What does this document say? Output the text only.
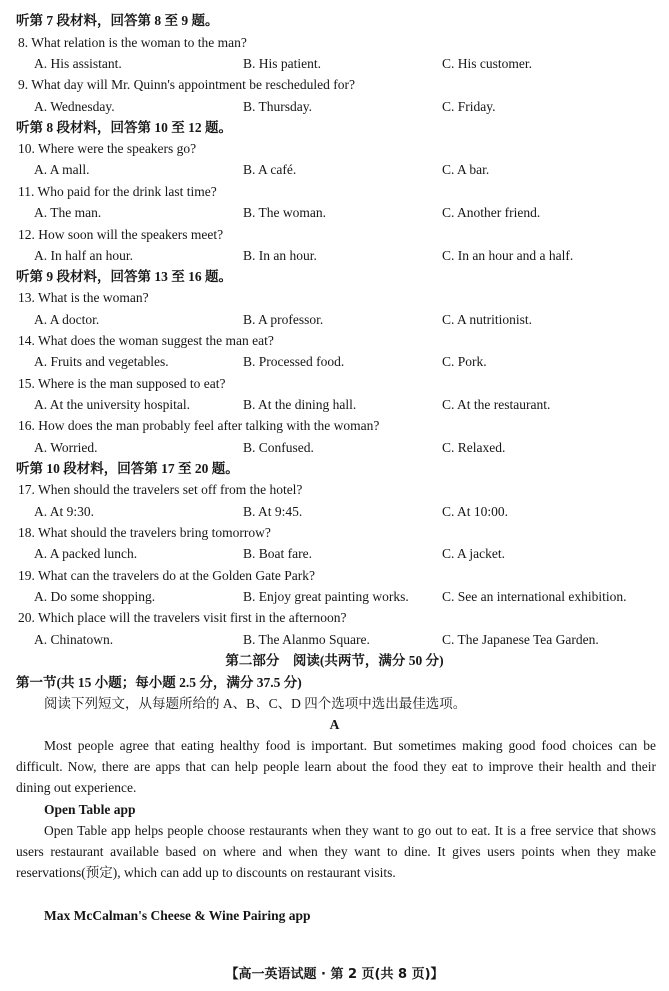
听第 7 段材料，回答第 8 至 9 题。
8. What relation is the woman to the man?
A. His assistant.	B. His patient.	C. His customer.
9. What day will Mr. Quinn's appointment be rescheduled for?
A. Wednesday.	B. Thursday.	C. Friday.
听第 8 段材料，回答第 10 至 12 题。
10. Where were the speakers go?
A. A mall.	B. A café.	C. A bar.
11. Who paid for the drink last time?
A. The man.	B. The woman.	C. Another friend.
12. How soon will the speakers meet?
A. In half an hour.	B. In an hour.	C. In an hour and a half.
听第 9 段材料，回答第 13 至 16 题。
13. What is the woman?
A. A doctor.	B. A professor.	C. A nutritionist.
14. What does the woman suggest the man eat?
A. Fruits and vegetables.	B. Processed food.	C. Pork.
15. Where is the man supposed to eat?
A. At the university hospital.	B. At the dining hall.	C. At the restaurant.
16. How does the man probably feel after talking with the woman?
A. Worried.	B. Confused.	C. Relaxed.
听第 10 段材料，回答第 17 至 20 题。
17. When should the travelers set off from the hotel?
A. At 9:30.	B. At 9:45.	C. At 10:00.
18. What should the travelers bring tomorrow?
A. A packed lunch.	B. Boat fare.	C. A jacket.
19. What can the travelers do at the Golden Gate Park?
A. Do some shopping.	B. Enjoy great painting works. C. See an international exhibition.
20. Which place will the travelers visit first in the afternoon?
A. Chinatown.	B. The Alanmo Square.	C. The Japanese Tea Garden.
第二部分　阅读(共两节，满分 50 分)
第一节(共 15 小题；每小题 2.5 分，满分 37.5 分)
阅读下列短文，从每题所给的 A、B、C、D 四个选项中选出最佳选项。
A

Most people agree that eating healthy food is important. But sometimes making good food choices can be difficult. Now, there are apps that can help people learn about the food they eat to improve their health and their dining out experience.

Open Table app

Open Table app helps people choose restaurants when they want to go out to eat. It is a free service that shows users restaurant available based on where and when they want to dine. It gives users points when they make reservations(预定), which can add up to discounts on restaurant visits.

Max McCalman's Cheese & Wine Pairing app
【高一英语试题 · 第 2 页(共 8 页)】
